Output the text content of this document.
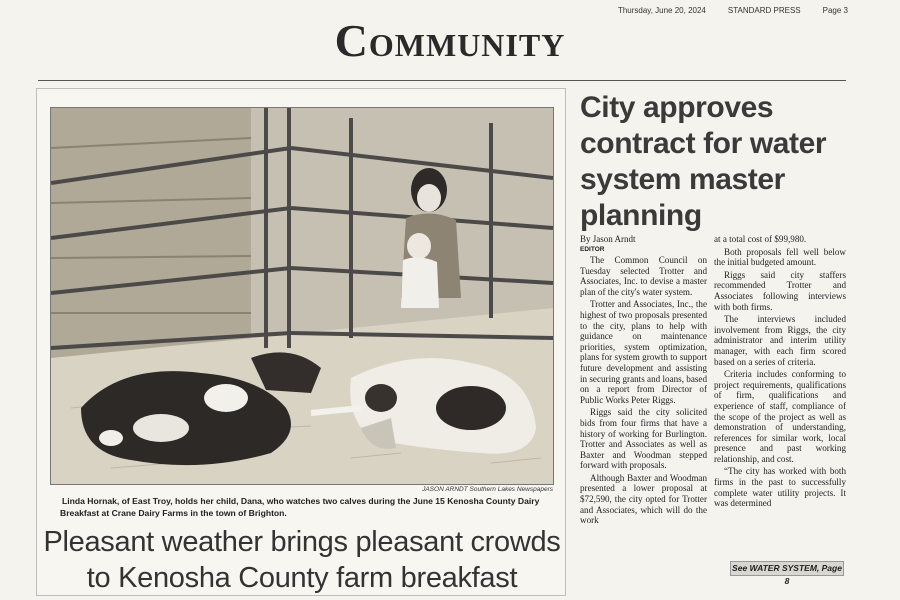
Thursday, June 20, 2024	STANDARD PRESS	Page 3
Community
JASON ARNDT Southern Lakes Newspapers
Linda Hornak, of East Troy, holds her child, Dana, who watches two calves during the June 15 Kenosha County Dairy Breakfast at Crane Dairy Farms in the town of Brighton.
Pleasant weather brings pleasant crowds to Kenosha County farm breakfast
City approves contract for water system master planning
By Jason Arndt
EDITOR

The Common Council on Tuesday selected Trotter and Associates, Inc. to devise a master plan of the city's water system.

Trotter and Associates, Inc., the highest of two proposals presented to the city, plans to help with guidance on maintenance priorities, system optimization, plans for system growth to support future development and assisting in securing grants and loans, based on a report from Director of Public Works Peter Riggs.

Riggs said the city solicited bids from four firms that have a history of working for Burlington. Trotter and Associates as well as Baxter and Woodman stepped forward with proposals.

Although Baxter and Woodman presented a lower proposal at $72,590, the city opted for Trotter and Associates, which will do the work

at a total cost of $99,980.

Both proposals fell well below the initial budgeted amount.

Riggs said city staffers recommended Trotter and Associates following interviews with both firms.

The interviews included involvement from Riggs, the city administrator and interim utility manager, with each firm scored based on a series of criteria.

Criteria includes conforming to project requirements, qualifications of firm, qualifications and experience of staff, compliance of the scope of the project as well as demonstration of understanding, references for similar work, local presence and past working relationship, and cost.

“The city has worked with both firms in the past to successfully complete water utility projects. It was determined

See WATER SYSTEM, Page 8
